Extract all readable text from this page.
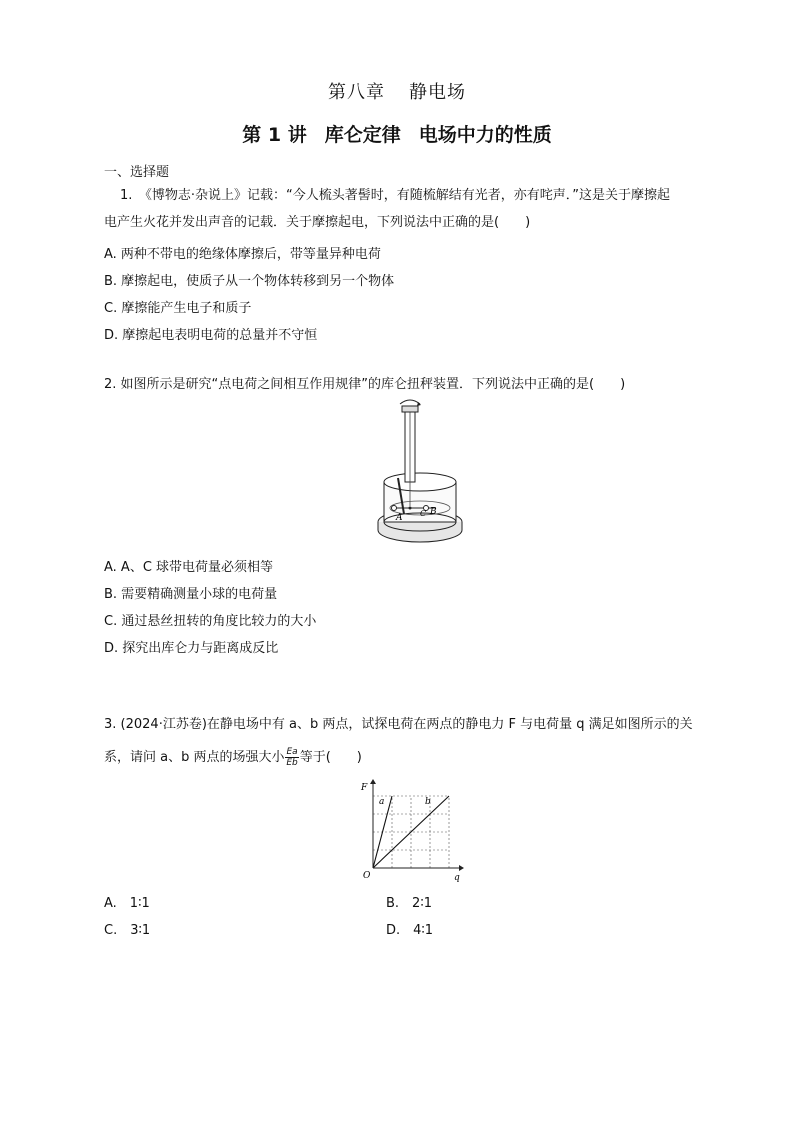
第八章 静电场
第 1 讲 库仑定律 电场中力的性质
一、选择题
1.　《博物志·杂说上》记载：“今人梳头著髻时，有随梳解结有光者，亦有咤声．”这是关于摩擦起
电产生火花并发出声音的记载．关于摩擦起电，下列说法中正确的是(　　)
A. 两种不带电的绝缘体摩擦后，带等量异种电荷
B. 摩擦起电，使质子从一个物体转移到另一个物体
C. 摩擦能产生电子和质子
D. 摩擦起电表明电荷的总量并不守恒
2. 如图所示是研究“点电荷之间相互作用规律”的库仑扭秤装置．下列说法中正确的是(　　)
A
B
C
A. A、C 球带电荷量必须相等
B. 需要精确测量小球的电荷量
C. 通过悬丝扭转的角度比较力的大小
D. 探究出库仑力与距离成反比
3. (2024·江苏卷)在静电场中有 a、b 两点，试探电荷在两点的静电力 F 与电荷量 q 满足如图所示的关
系，请问 a、b 两点的场强大小 $\frac{Ea}{Eb}$ 等于(　　)
F
q
O
a	b
A.　1∶1	B.　2∶1
C.　3∶1	D.　4∶1
